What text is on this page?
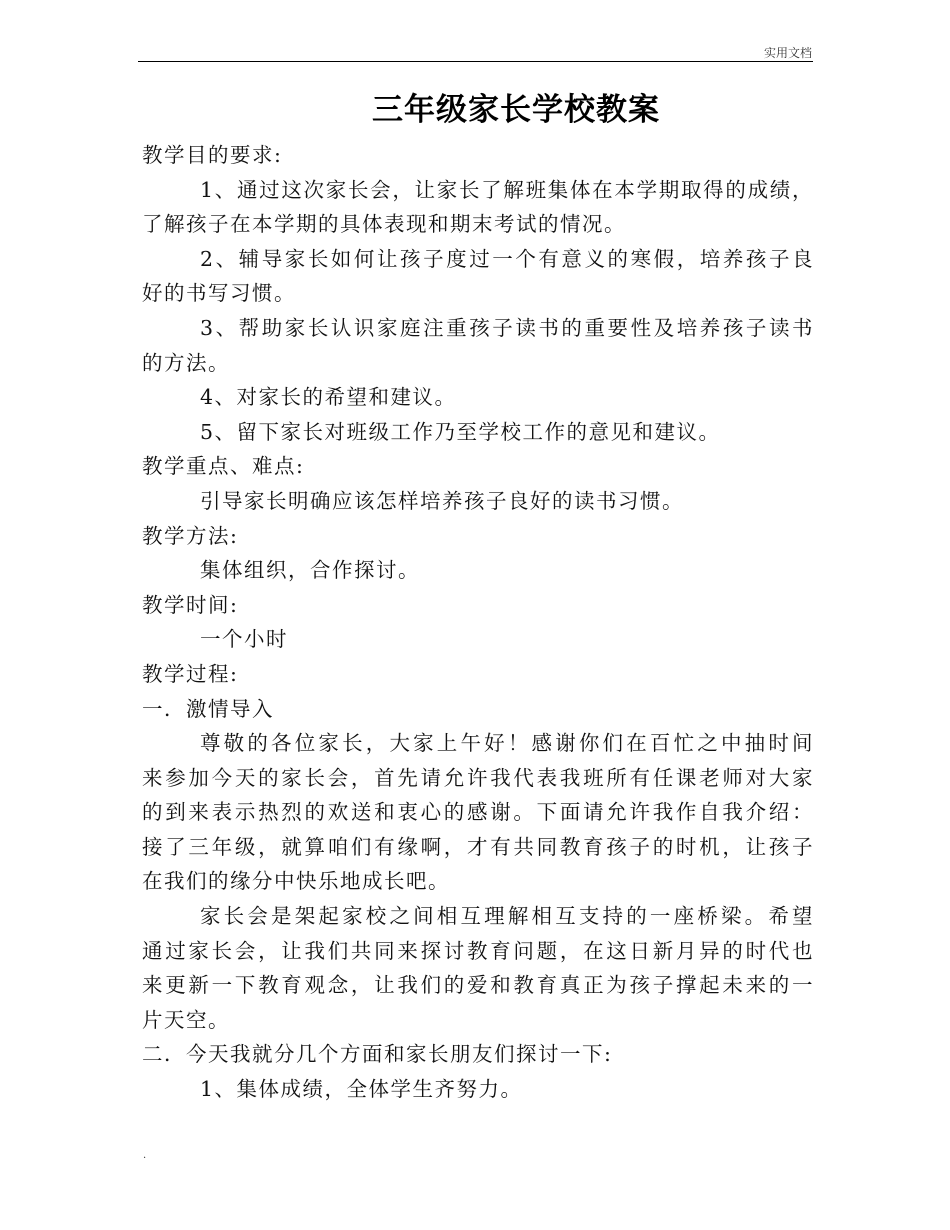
实用文档
三年级家长学校教案
教学目的要求:
1、通过这次家长会，让家长了解班集体在本学期取得的成绩，
了解孩子在本学期的具体表现和期末考试的情况。
2、辅导家长如何让孩子度过一个有意义的寒假，培养孩子良
好的书写习惯。
3、帮助家长认识家庭注重孩子读书的重要性及培养孩子读书
的方法。
4、对家长的希望和建议。
5、留下家长对班级工作乃至学校工作的意见和建议。
教学重点、难点:
引导家长明确应该怎样培养孩子良好的读书习惯。
教学方法:
集体组织，合作探讨。
教学时间:
一个小时
教学过程:
一．激情导入
尊敬的各位家长，大家上午好！感谢你们在百忙之中抽时间
来参加今天的家长会，首先请允许我代表我班所有任课老师对大家
的到来表示热烈的欢送和衷心的感谢。下面请允许我作自我介绍：
接了三年级，就算咱们有缘啊，才有共同教育孩子的时机，让孩子
在我们的缘分中快乐地成长吧。
家长会是架起家校之间相互理解相互支持的一座桥梁。希望
通过家长会，让我们共同来探讨教育问题，在这日新月异的时代也
来更新一下教育观念，让我们的爱和教育真正为孩子撑起未来的一
片天空。
二．今天我就分几个方面和家长朋友们探讨一下:
1、集体成绩，全体学生齐努力。
.
